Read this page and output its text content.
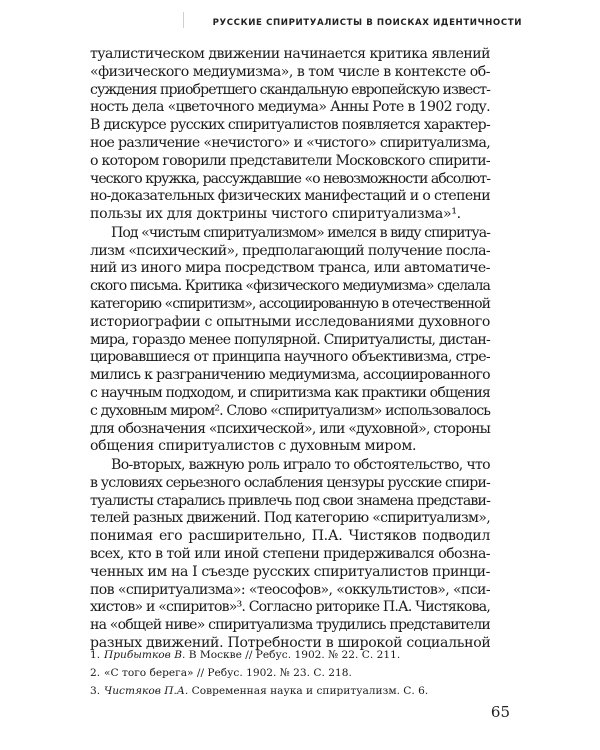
РУССКИЕ СПИРИТУАЛИСТЫ В ПОИСКАХ ИДЕНТИЧНОСТИ
туалистическом движении начинается критика явлений
«физического медиумизма», в том числе в контексте об-
суждения приобретшего скандальную европейскую извест-
ность дела «цветочного медиума» Анны Роте в 1902 году.
В дискурсе русских спиритуалистов появляется характер-
ное различение «нечистого» и «чистого» спиритуализма,
о котором говорили представители Московского спирити-
ческого кружка, рассуждавшие «о невозможности абсолют-
но-доказательных физических манифестаций и о степени
пользы их для доктрины чистого спиритуализма»¹.
Под «чистым спиритуализмом» имелся в виду спиритуа-
лизм «психический», предполагающий получение посла-
ний из иного мира посредством транса, или автоматиче-
ского письма. Критика «физического медиумизма» сделала
категорию «спиритизм», ассоциированную в отечественной
историографии с опытными исследованиями духовного
мира, гораздо менее популярной. Спиритуалисты, дистан-
цировавшиеся от принципа научного объективизма, стре-
мились к разграничению медиумизма, ассоциированного
с научным подходом, и спиритизма как практики общения
с духовным миром². Слово «спиритуализм» использовалось
для обозначения «психической», или «духовной», стороны
общения спиритуалистов с духовным миром.
Во-вторых, важную роль играло то обстоятельство, что
в условиях серьезного ослабления цензуры русские спири-
туалисты старались привлечь под свои знамена представи-
телей разных движений. Под категорию «спиритуализм»,
понимая его расширительно, П.А. Чистяков подводил
всех, кто в той или иной степени придерживался обозна-
ченных им на I съезде русских спиритуалистов принци-
пов «спиритуализма»: «теософов», «оккультистов», «пси-
хистов» и «спиритов»³. Согласно риторике П.А. Чистякова,
на «общей ниве» спиритуализма трудились представители
разных движений. Потребности в широкой социальной
1. Прибытков В. В Москве // Ребус. 1902. № 22. С. 211.
2. «С того берега» // Ребус. 1902. № 23. С. 218.
3. Чистяков П.А. Современная наука и спиритуализм. С. 6.
65
